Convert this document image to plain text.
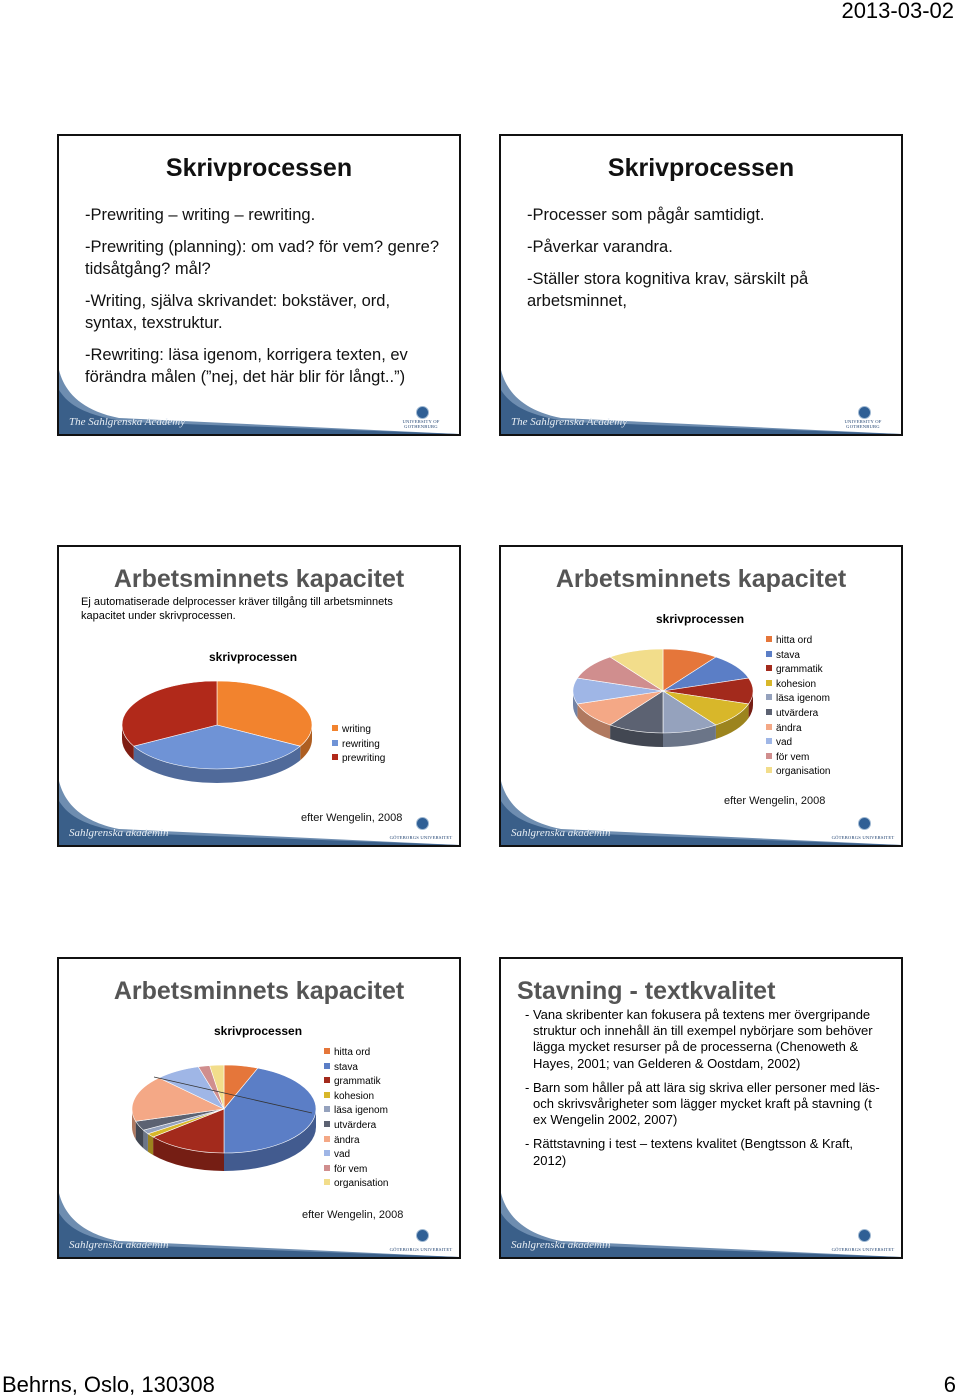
2013-03-02
Skrivprocessen

-Prewriting – writing – rewriting.

-Prewriting (planning): om vad? för vem? genre? tidsåtgång? mål?

-Writing, själva skrivandet: bokstäver, ord, syntax, texstruktur.

-Rewriting: läsa igenom, korrigera texten, ev förändra målen (”nej, det här blir för långt..”)

The Sahlgrenska Academy	UNIVERSITY OF GOTHENBURG
Skrivprocessen

-Processer som pågår samtidigt.

-Påverkar varandra.

-Ställer stora kognitiva krav, särskilt på arbetsminnet,

The Sahlgrenska Academy	UNIVERSITY OF GOTHENBURG
Arbetsminnets kapacitet
Ej automatiserade delprocesser kräver tillgång till arbetsminnets kapacitet under skrivprocessen.
skrivprocessen
writing
rewriting
prewriting
efter Wengelin, 2008
Sahlgrenska akademin	GÖTEBORGS UNIVERSITET
Arbetsminnets kapacitet
skrivprocessen
hitta ord
stava
grammatik
kohesion
läsa igenom
utvärdera
ändra
vad
för vem
organisation
efter Wengelin, 2008
Sahlgrenska akademin	GÖTEBORGS UNIVERSITET
Arbetsminnets kapacitet
skrivprocessen
hitta ord
stava
grammatik
kohesion
läsa igenom
utvärdera
ändra
vad
för vem
organisation
efter Wengelin, 2008
Sahlgrenska akademin	GÖTEBORGS UNIVERSITET
Stavning - textkvalitet
- Vana skribenter kan fokusera på textens mer övergripande struktur och innehåll än till exempel nybörjare som behöver lägga mycket resurser på de processerna (Chenoweth & Hayes, 2001; van Gelderen & Oostdam, 2002)
- Barn som håller på att lära sig skriva eller personer med läs- och skrivsvårigheter som lägger mycket kraft på stavning (t ex Wengelin 2002, 2007)
- Rättstavning i test – textens kvalitet (Bengtsson & Kraft, 2012)
Sahlgrenska akademin	GÖTEBORGS UNIVERSITET
Behrns, Oslo, 130308	6
